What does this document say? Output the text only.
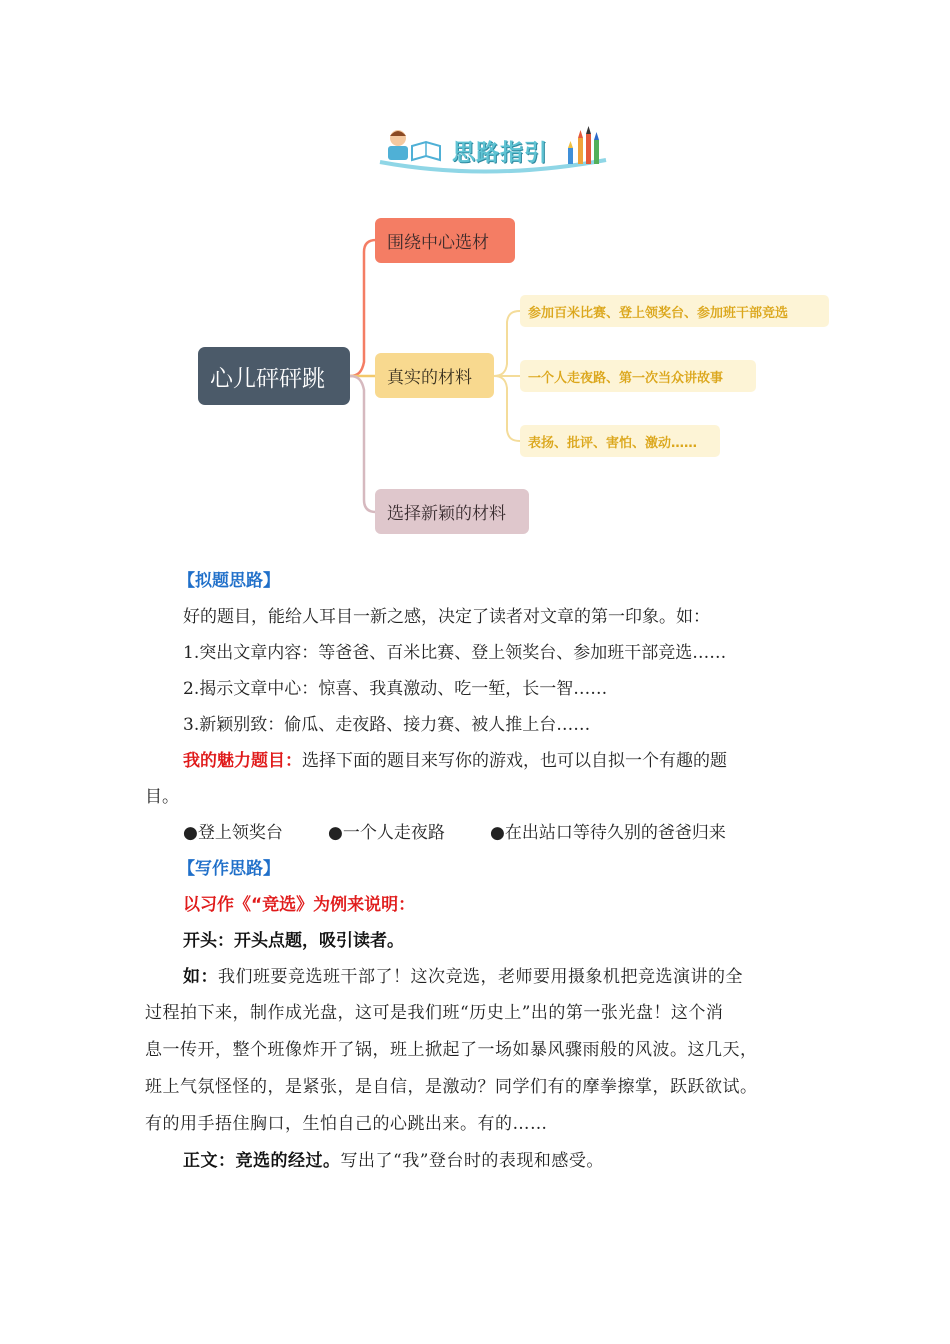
思路指引
心儿砰砰跳
围绕中心选材
真实的材料
选择新颖的材料
参加百米比赛、登上领奖台、参加班干部竞选
一个人走夜路、第一次当众讲故事
表扬、批评、害怕、激动……
【拟题思路】
好的题目，能给人耳目一新之感，决定了读者对文章的第一印象。如：
1.突出文章内容：等爸爸、百米比赛、登上领奖台、参加班干部竞选……
2.揭示文章中心：惊喜、我真激动、吃一堑，长一智……
3.新颖别致：偷瓜、走夜路、接力赛、被人推上台……
我的魅力题目：选择下面的题目来写你的游戏，也可以自拟一个有趣的题
目。
●登上领奖台	●一个人走夜路	●在出站口等待久别的爸爸归来
【写作思路】
以习作《“竞选》为例来说明：
开头：开头点题，吸引读者。
如：我们班要竞选班干部了！这次竞选，老师要用摄象机把竞选演讲的全
过程拍下来，制作成光盘，这可是我们班“历史上”出的第一张光盘！这个消
息一传开，整个班像炸开了锅，班上掀起了一场如暴风骤雨般的风波。这几天，
班上气氛怪怪的，是紧张，是自信，是激动？同学们有的摩拳擦掌，跃跃欲试。
有的用手捂住胸口，生怕自己的心跳出来。有的……
正文：竞选的经过。写出了“我”登台时的表现和感受。
